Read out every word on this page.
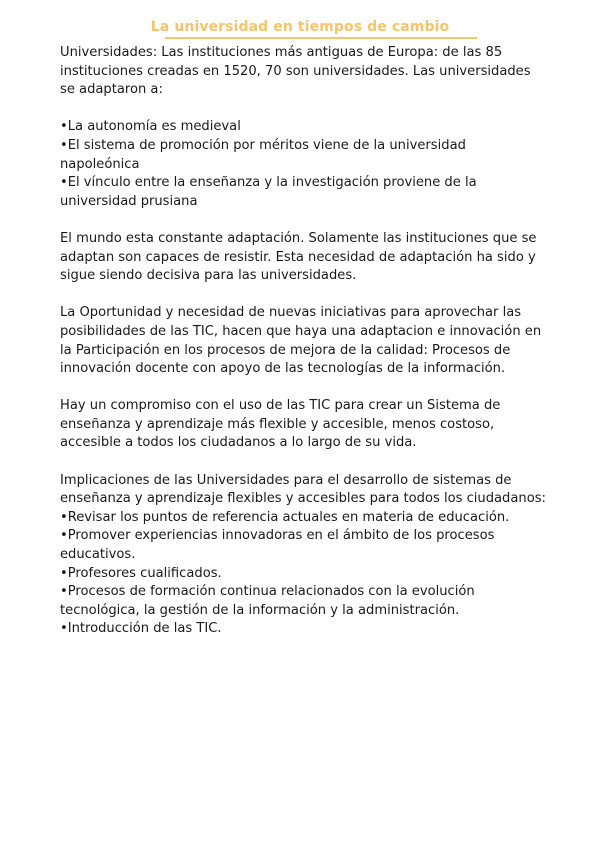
La universidad en tiempos de cambio

Universidades: Las instituciones más antiguas de Europa: de las 85 instituciones creadas en 1520, 70 son universidades. Las universidades se adaptaron a:

•La autonomía es medieval
•El sistema de promoción por méritos viene de la universidad napoleónica
•El vínculo entre la enseñanza y la investigación proviene de la universidad prusiana

El mundo esta constante adaptación. Solamente las instituciones que se adaptan son capaces de resistir. Esta necesidad de adaptación ha sido y sigue siendo decisiva para las universidades.

La Oportunidad y necesidad de nuevas iniciativas para aprovechar las posibilidades de las TIC, hacen que haya una adaptacion e innovación en la Participación en los procesos de mejora de la calidad: Procesos de innovación docente con apoyo de las tecnologías de la información.

Hay un compromiso con el uso de las TIC para crear un Sistema de enseñanza y aprendizaje más flexible y accesible, menos costoso, accesible a todos los ciudadanos a lo largo de su vida.

Implicaciones de las Universidades para el desarrollo de sistemas de enseñanza y aprendizaje flexibles y accesibles para todos los ciudadanos:
•Revisar los puntos de referencia actuales en materia de educación.
•Promover experiencias innovadoras en el ámbito de los procesos educativos.
•Profesores cualificados.
•Procesos de formación continua relacionados con la evolución tecnológica, la gestión de la información y la administración.
•Introducción de las TIC.
